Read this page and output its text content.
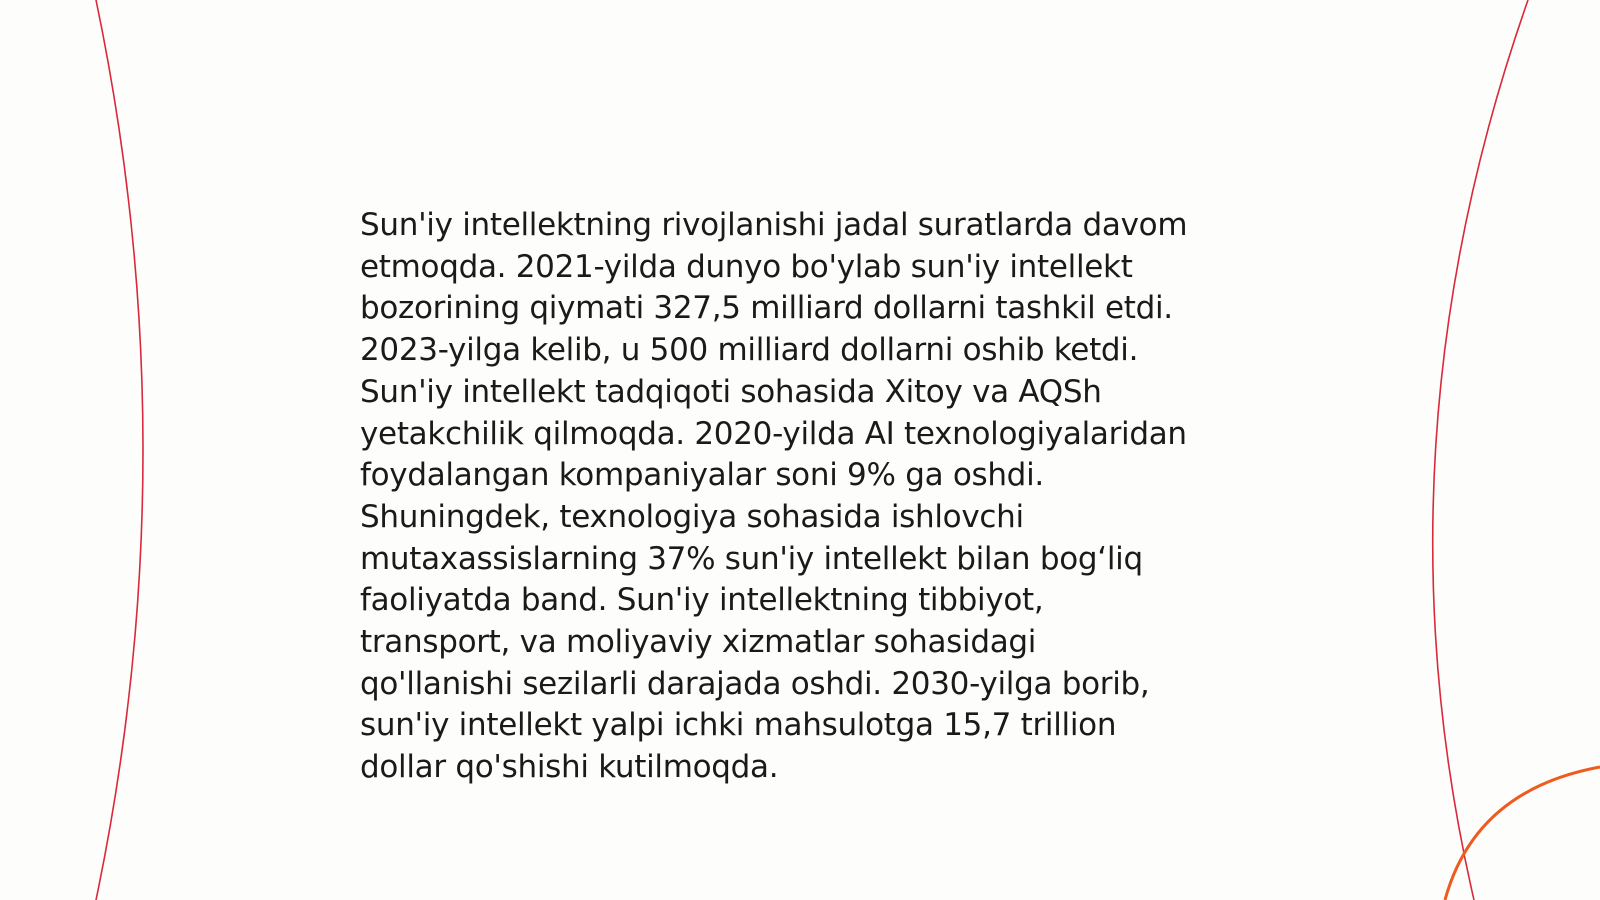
Sun'iy intellektning rivojlanishi jadal suratlarda davom
etmoqda. 2021-yilda dunyo bo'ylab sun'iy intellekt
bozorining qiymati 327,5 milliard dollarni tashkil etdi.
2023-yilga kelib, u 500 milliard dollarni oshib ketdi.
Sun'iy intellekt tadqiqoti sohasida Xitoy va AQSh
yetakchilik qilmoqda. 2020-yilda AI texnologiyalaridan
foydalangan kompaniyalar soni 9% ga oshdi.
Shuningdek, texnologiya sohasida ishlovchi
mutaxassislarning 37% sun'iy intellekt bilan bog‘liq
faoliyatda band. Sun'iy intellektning tibbiyot,
transport, va moliyaviy xizmatlar sohasidagi
qo'llanishi sezilarli darajada oshdi. 2030-yilga borib,
sun'iy intellekt yalpi ichki mahsulotga 15,7 trillion
dollar qo'shishi kutilmoqda.
